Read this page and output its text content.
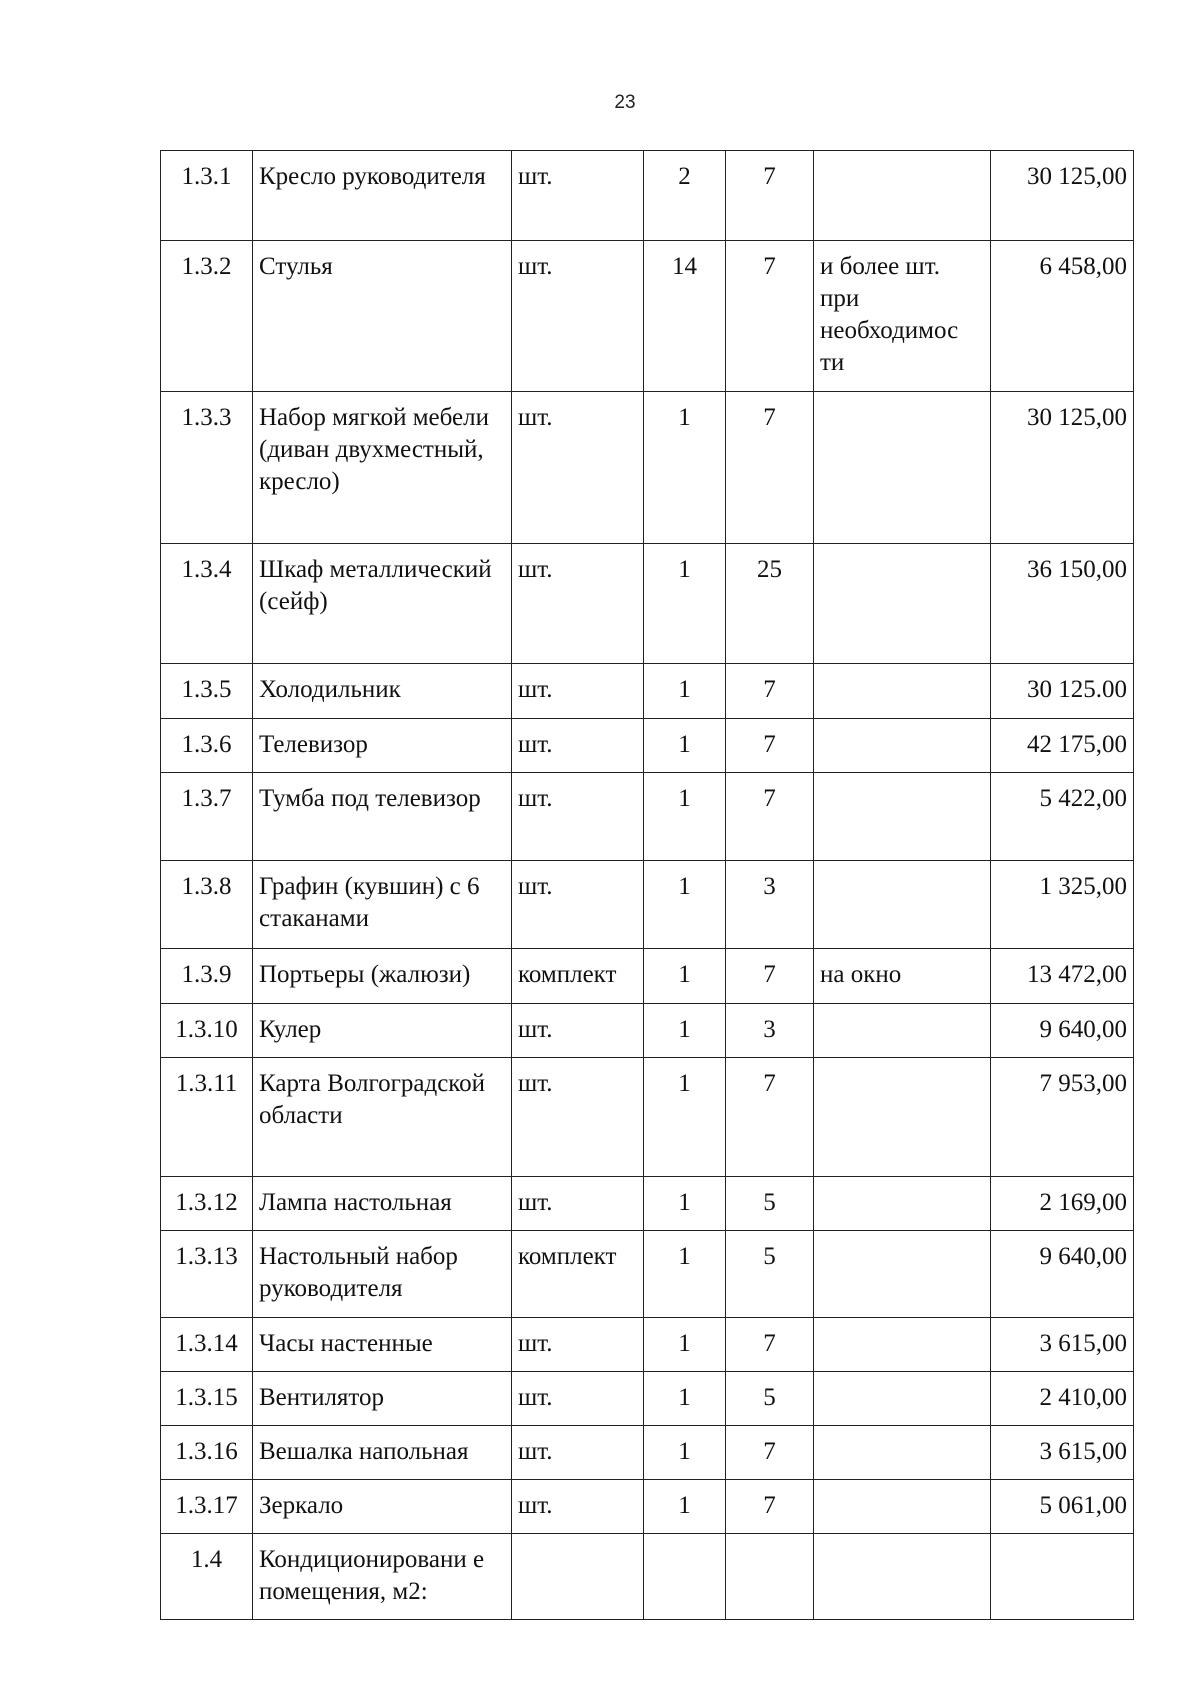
23
1.3.1	Кресло руководителя	шт.	2	7		30 125,00
1.3.2	Стулья	шт.	14	7	и более шт. при необходимос ти	6 458,00
1.3.3	Набор мягкой мебели (диван двухместный, кресло)	шт.	1	7		30 125,00
1.3.4	Шкаф металлический (сейф)	шт.	1	25		36 150,00
1.3.5	Холодильник	шт.	1	7		30 125.00
1.3.6	Телевизор	шт.	1	7		42 175,00
1.3.7	Тумба под телевизор	шт.	1	7		5 422,00
1.3.8	Графин (кувшин) с 6 стаканами	шт.	1	3		1 325,00
1.3.9	Портьеры (жалюзи)	комплект	1	7	на окно	13 472,00
1.3.10	Кулер	шт.	1	3		9 640,00
1.3.11	Карта Волгоградской области	шт.	1	7		7 953,00
1.3.12	Лампа настольная	шт.	1	5		2 169,00
1.3.13	Настольный набор руководителя	комплект	1	5		9 640,00
1.3.14	Часы настенные	шт.	1	7		3 615,00
1.3.15	Вентилятор	шт.	1	5		2 410,00
1.3.16	Вешалка напольная	шт.	1	7		3 615,00
1.3.17	Зеркало	шт.	1	7		5 061,00
1.4	Кондиционировани е помещения, м2:					
